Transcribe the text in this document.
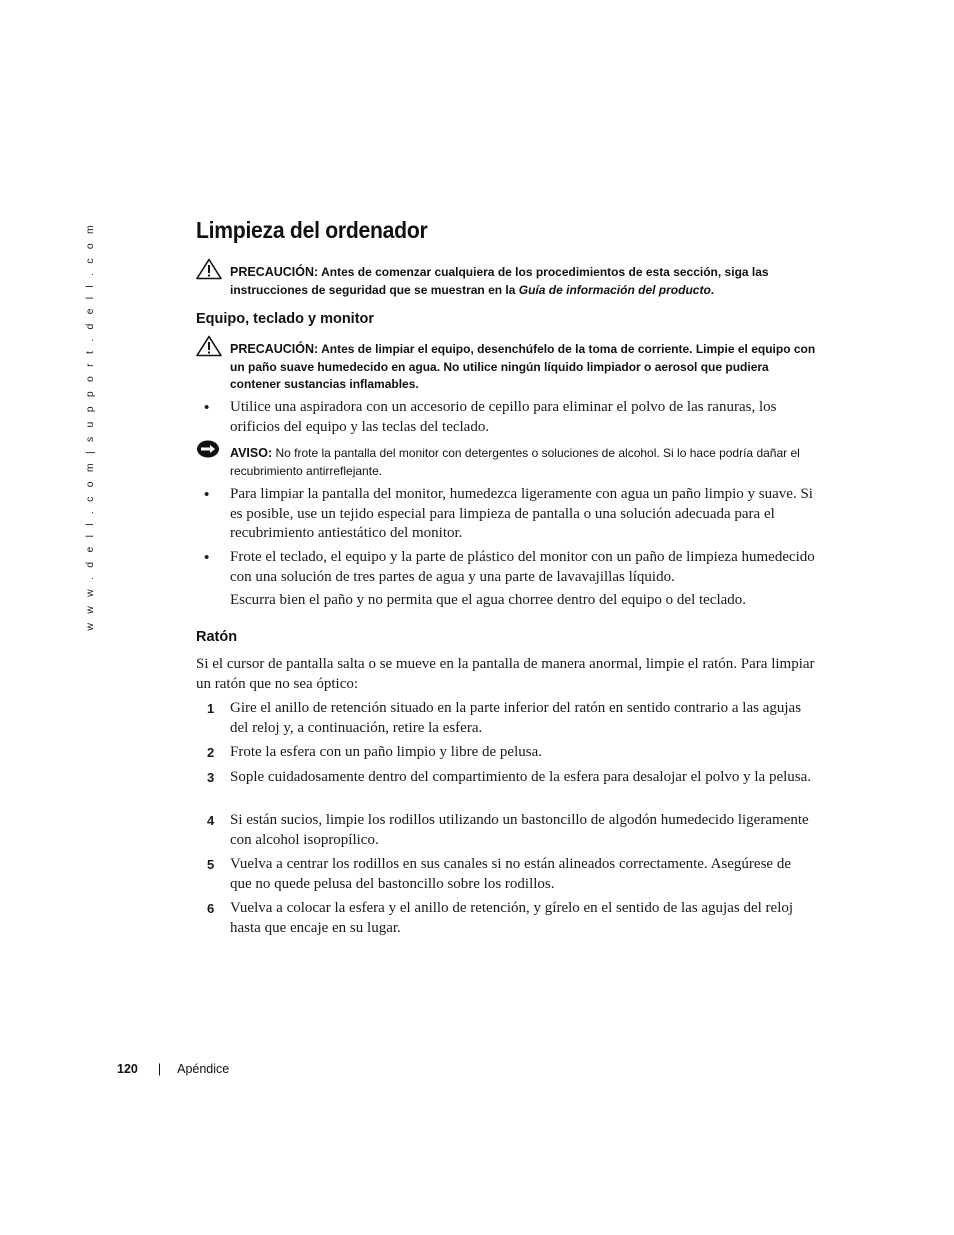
w w w . d e l l . c o m | s u p p o r t . d e l l . c o m	Limpieza del ordenador
PRECAUCIÓN: Antes de comenzar cualquiera de los procedimientos de esta sección, siga las instrucciones de seguridad que se muestran en la Guía de información del producto.
Equipo, teclado y monitor
PRECAUCIÓN: Antes de limpiar el equipo, desenchúfelo de la toma de corriente. Limpie el equipo con un paño suave humedecido en agua. No utilice ningún líquido limpiador o aerosol que pudiera contener sustancias inflamables.
• Utilice una aspiradora con un accesorio de cepillo para eliminar el polvo de las ranuras, los orificios del equipo y las teclas del teclado.
AVISO: No frote la pantalla del monitor con detergentes o soluciones de alcohol. Si lo hace podría dañar el recubrimiento antirreflejante.
• Para limpiar la pantalla del monitor, humedezca ligeramente con agua un paño limpio y suave. Si es posible, use un tejido especial para limpieza de pantalla o una solución adecuada para el recubrimiento antiestático del monitor.
• Frote el teclado, el equipo y la parte de plástico del monitor con un paño de limpieza humedecido con una solución de tres partes de agua y una parte de lavavajillas líquido.
Escurra bien el paño y no permita que el agua chorree dentro del equipo o del teclado.
Ratón
Si el cursor de pantalla salta o se mueve en la pantalla de manera anormal, limpie el ratón. Para limpiar un ratón que no sea óptico:
1 Gire el anillo de retención situado en la parte inferior del ratón en sentido contrario a las agujas del reloj y, a continuación, retire la esfera.
2 Frote la esfera con un paño limpio y libre de pelusa.
3 Sople cuidadosamente dentro del compartimiento de la esfera para desalojar el polvo y la pelusa.
4 Si están sucios, limpie los rodillos utilizando un bastoncillo de algodón humedecido ligeramente con alcohol isopropílico.
5 Vuelva a centrar los rodillos en sus canales si no están alineados correctamente. Asegúrese de que no quede pelusa del bastoncillo sobre los rodillos.
6 Vuelva a colocar la esfera y el anillo de retención, y gírelo en el sentido de las agujas del reloj hasta que encaje en su lugar.
120 | Apéndice
